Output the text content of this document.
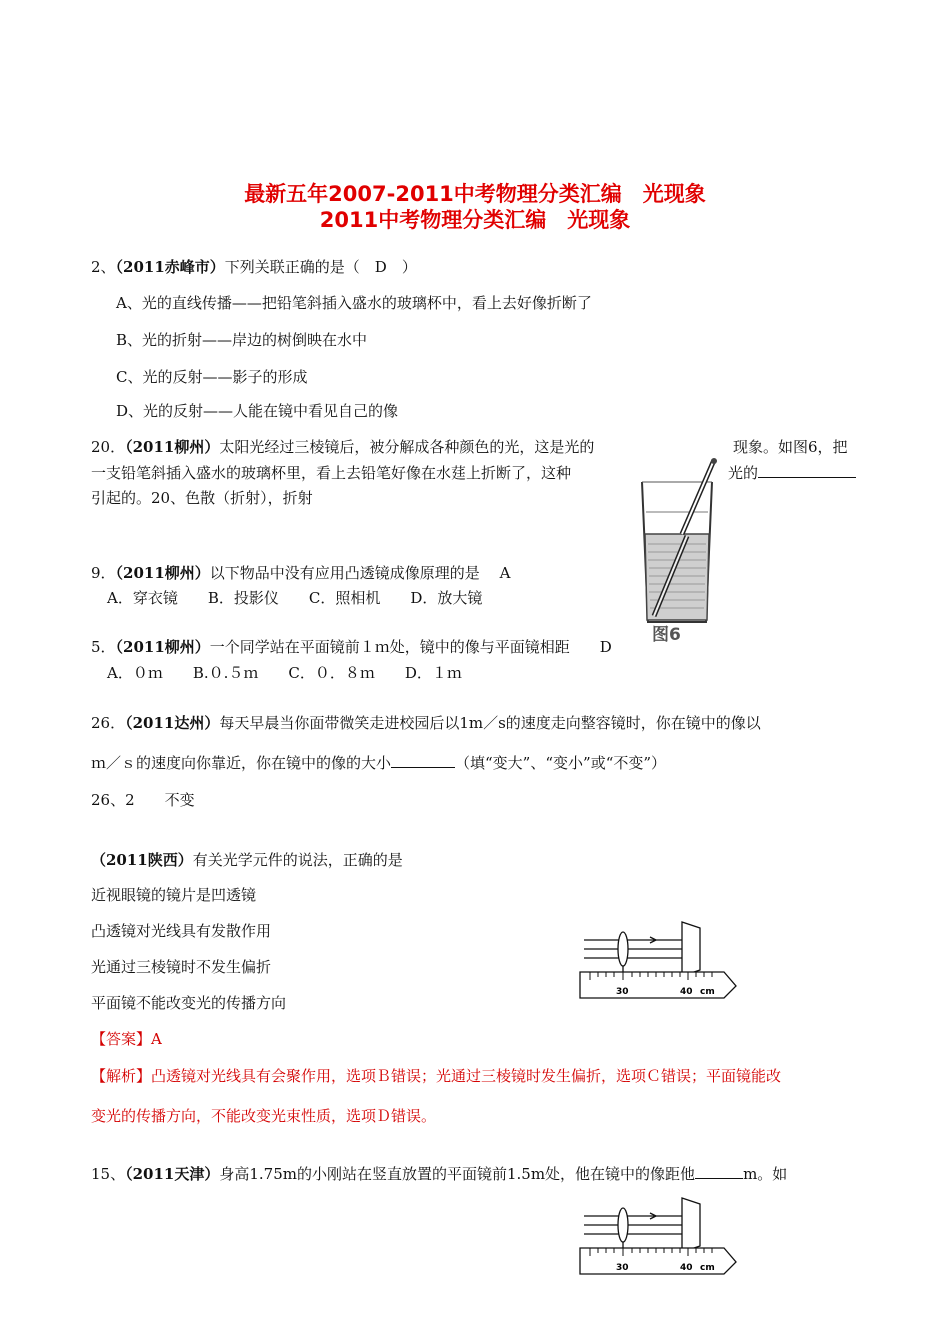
最新五年2007-2011中考物理分类汇编　光现象
2011中考物理分类汇编　光现象
2、（2011赤峰市）下列关联正确的是（　D　）
A、光的直线传播——把铅笔斜插入盛水的玻璃杯中，看上去好像折断了
B、光的折射——岸边的树倒映在水中
C、光的反射——影子的形成
D、光的反射——人能在镜中看见自己的像
20．（2011柳州）太阳光经过三棱镜后，被分解成各种颜色的光，这是光的	现象。如图6，把
一支铅笔斜插入盛水的玻璃杯里，看上去铅笔好像在水莛上折断了，这种	光的
引起的。20、色散（折射），折射
图6
9．（2011柳州）以下物品中没有应用凸透镜成像原理的是　 A
A．穿衣镜　　B．投影仪　　C．照相机　　D．放大镜
5．（2011柳州）一个同学站在平面镜前１ｍ处，镜中的像与平面镜相距　　D
A．０ｍ　　B.０.５ｍ　　C．０．８ｍ　　D．１ｍ
26．（2011达州）每天早晨当你面带微笑走进校园后以1m／s的速度走向整容镜时，你在镜中的像以
ｍ／ｓ的速度向你靠近，你在镜中的像的大小	（填“变大”、“变小”或“不变”）
26、2　　不变
（2011陕西）有关光学元件的说法，正确的是
近视眼镜的镜片是凹透镜
凸透镜对光线具有发散作用
光通过三棱镜时不发生偏折
平面镜不能改变光的传播方向
【答案】A
【解析】凸透镜对光线具有会聚作用，选项Ｂ错误；光通过三棱镜时发生偏折，选项Ｃ错误；平面镜能改
变光的传播方向，不能改变光束性质，选项Ｄ错误。
30	40 cm
15、（2011天津）身高1.75m的小刚站在竖直放置的平面镜前1.5m处，他在镜中的像距他	m。如
30	40 cm
